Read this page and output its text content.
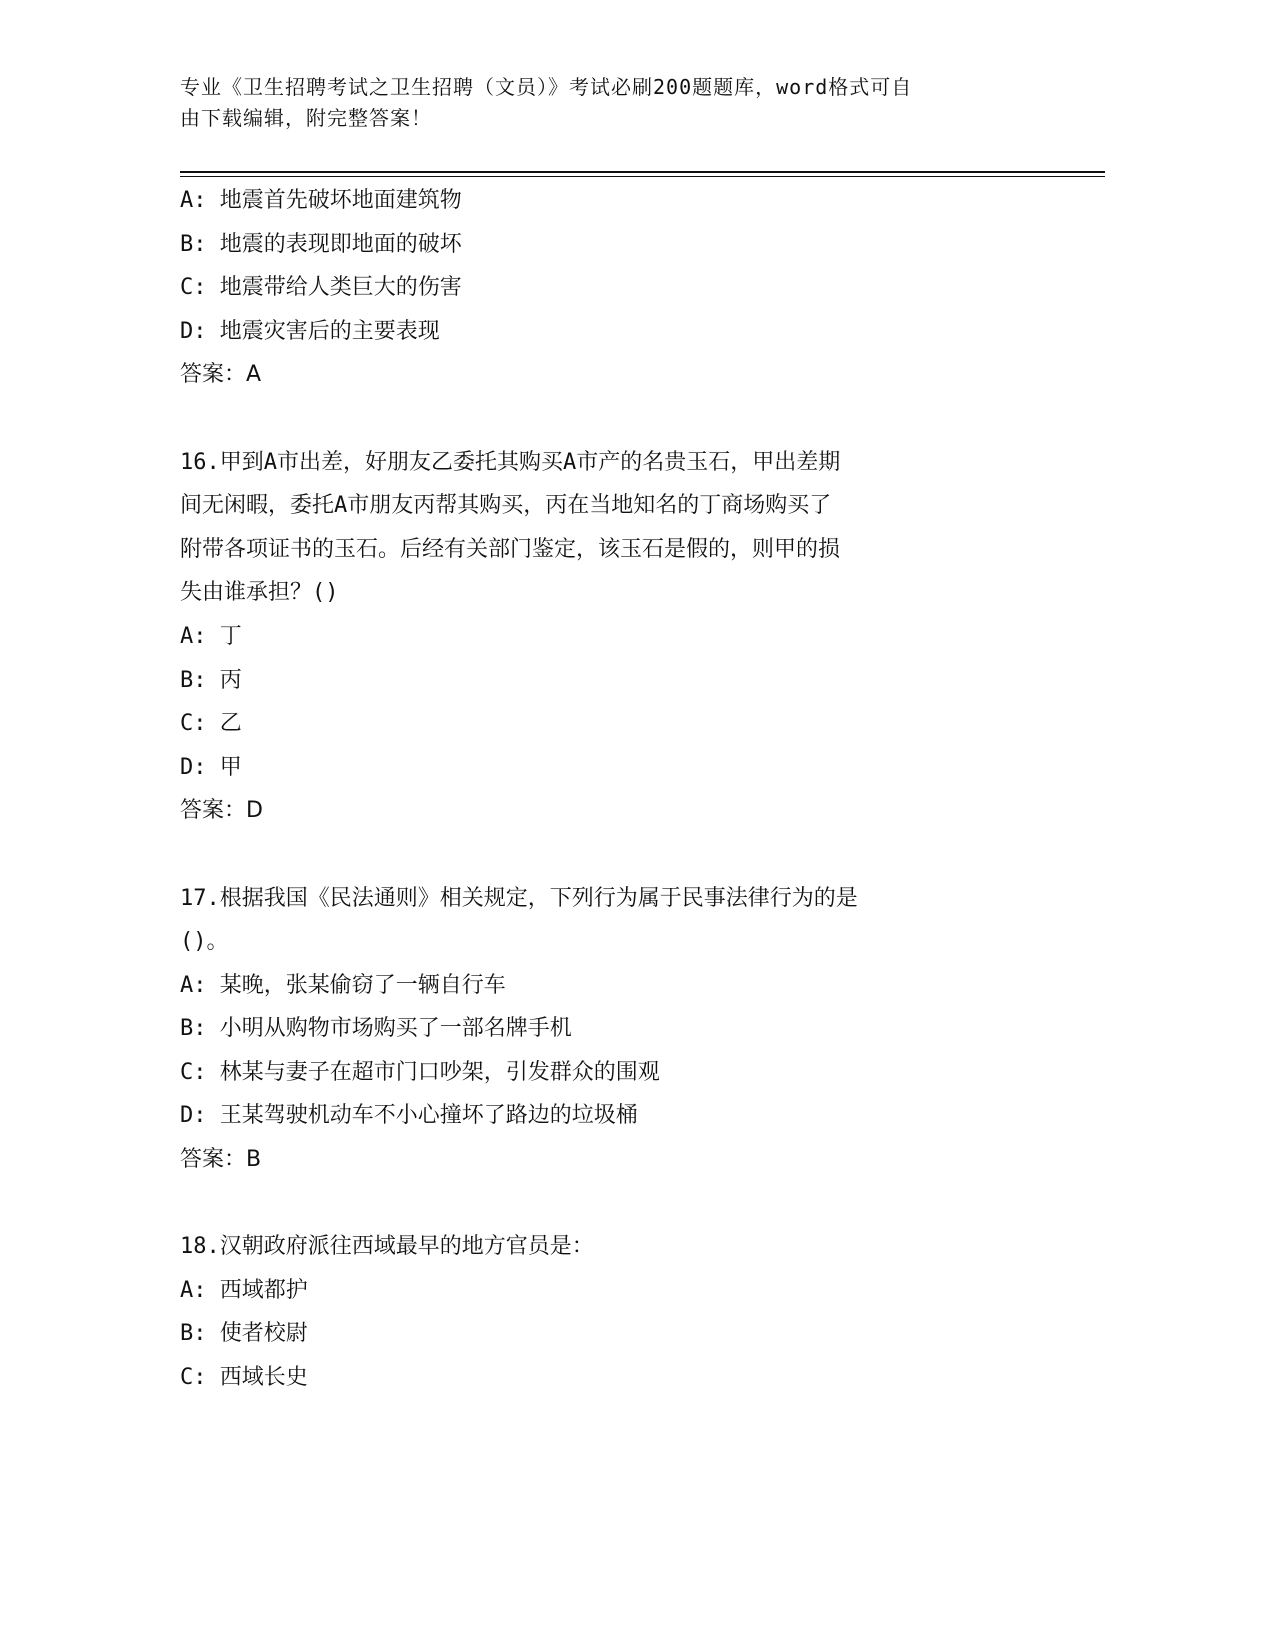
专业《卫生招聘考试之卫生招聘（文员）》考试必刷200题题库，word格式可自
由下载编辑，附完整答案！
A: 地震首先破坏地面建筑物
B: 地震的表现即地面的破坏
C: 地震带给人类巨大的伤害
D: 地震灾害后的主要表现
答案：A
16.甲到A市出差，好朋友乙委托其购买A市产的名贵玉石，甲出差期
间无闲暇，委托A市朋友丙帮其购买，丙在当地知名的丁商场购买了
附带各项证书的玉石。后经有关部门鉴定，该玉石是假的，则甲的损
失由谁承担？()
A: 丁
B: 丙
C: 乙
D: 甲
答案：D
17.根据我国《民法通则》相关规定，下列行为属于民事法律行为的是
()。
A: 某晚，张某偷窃了一辆自行车
B: 小明从购物市场购买了一部名牌手机
C: 林某与妻子在超市门口吵架，引发群众的围观
D: 王某驾驶机动车不小心撞坏了路边的垃圾桶
答案：B
18.汉朝政府派往西域最早的地方官员是：
A: 西域都护
B: 使者校尉
C: 西域长史
